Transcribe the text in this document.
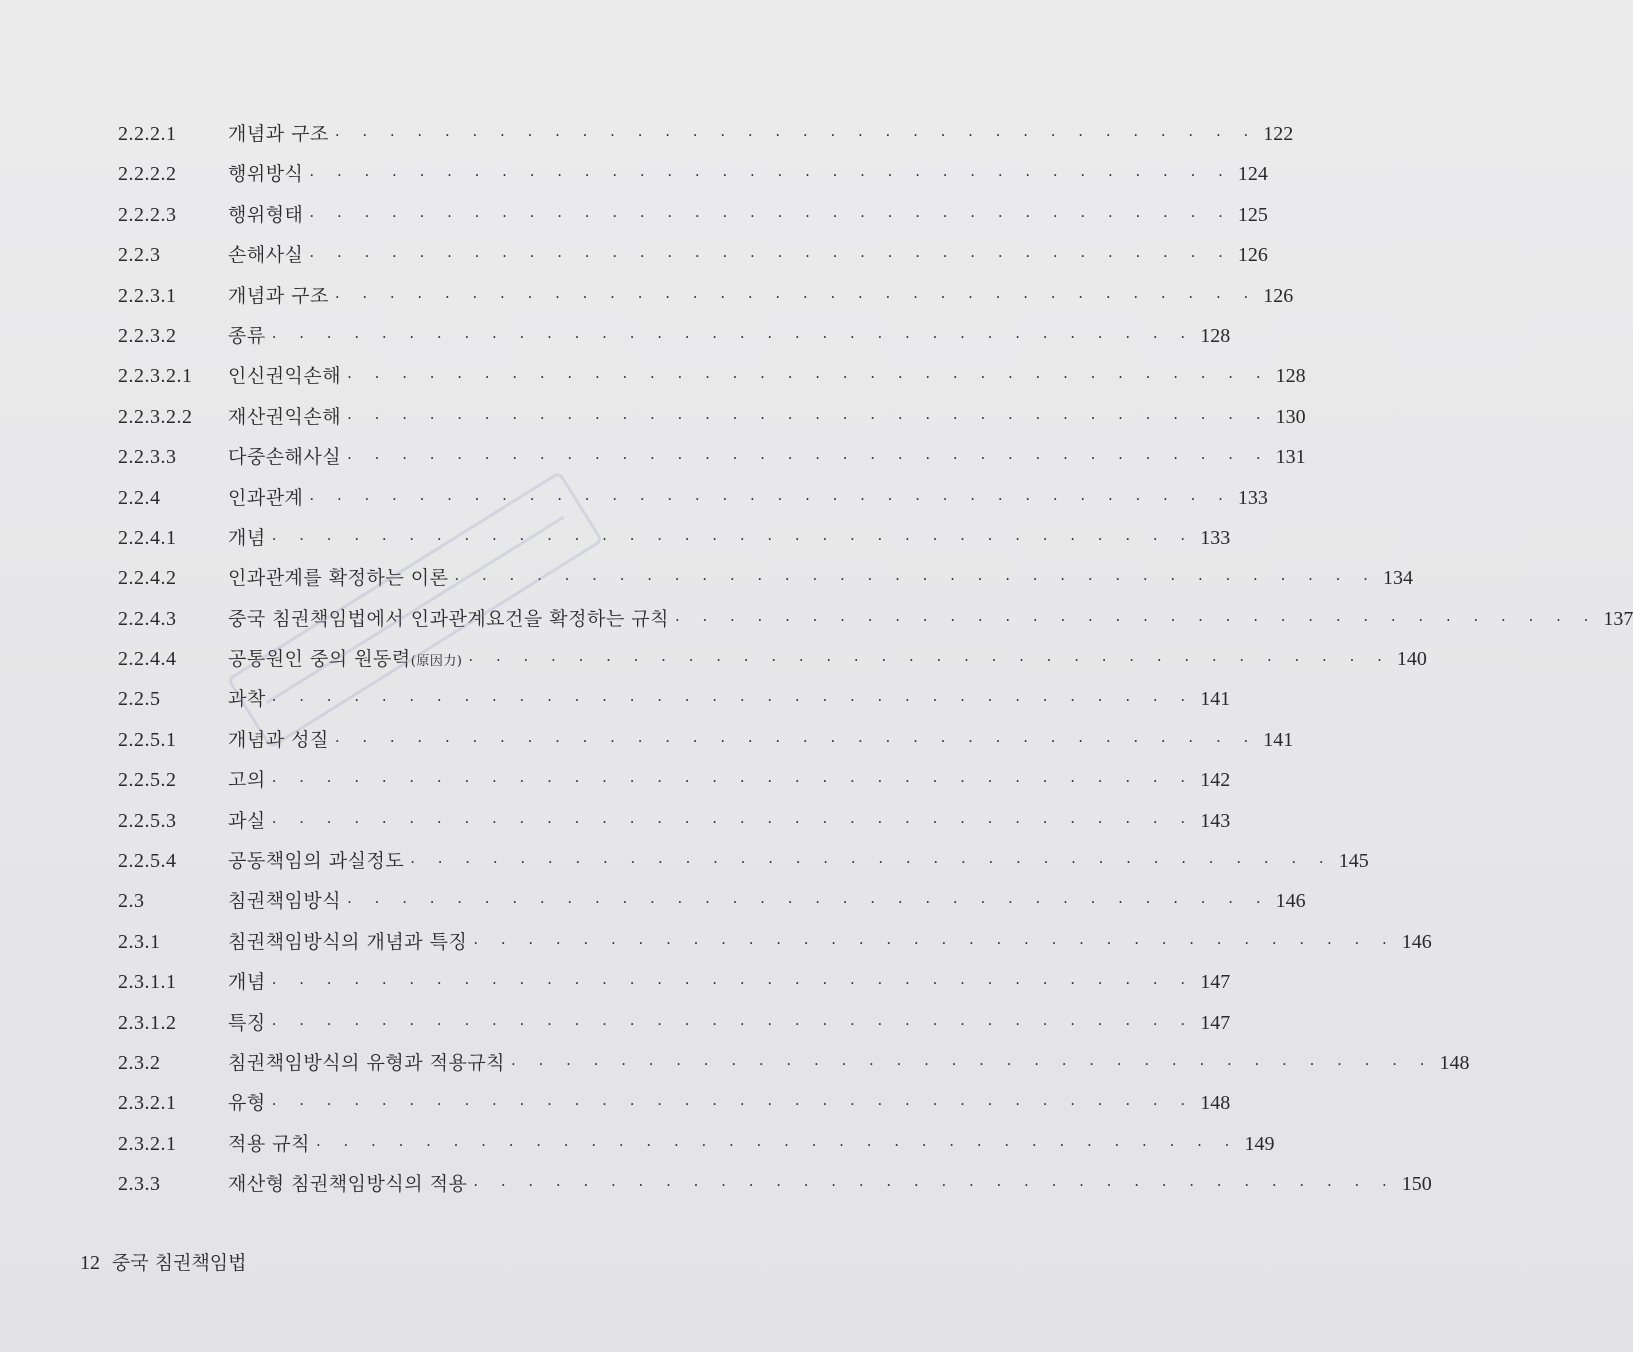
2.2.2.1	개념과 구조 · · · · · · · · · · · · · · · · · · · · · · · · · · · · · · · · · · 122
2.2.2.2	행위방식 · · · · · · · · · · · · · · · · · · · · · · · · · · · · · · · · · · 124
2.2.2.3	행위형태 · · · · · · · · · · · · · · · · · · · · · · · · · · · · · · · · · · 125
2.2.3	손해사실 · · · · · · · · · · · · · · · · · · · · · · · · · · · · · · · · · · 126
2.2.3.1	개념과 구조 · · · · · · · · · · · · · · · · · · · · · · · · · · · · · · · · · · 126
2.2.3.2	종류 · · · · · · · · · · · · · · · · · · · · · · · · · · · · · · · · · · 128
2.2.3.2.1	인신권익손해 · · · · · · · · · · · · · · · · · · · · · · · · · · · · · · · · · · 128
2.2.3.2.2	재산권익손해 · · · · · · · · · · · · · · · · · · · · · · · · · · · · · · · · · · 130
2.2.3.3	다중손해사실 · · · · · · · · · · · · · · · · · · · · · · · · · · · · · · · · · · 131
2.2.4	인과관계 · · · · · · · · · · · · · · · · · · · · · · · · · · · · · · · · · · 133
2.2.4.1	개념 · · · · · · · · · · · · · · · · · · · · · · · · · · · · · · · · · · 133
2.2.4.2	인과관계를 확정하는 이론 · · · · · · · · · · · · · · · · · · · · · · · · · · · · · · · · · · 134
2.2.4.3	중국 침권책임법에서 인과관계요건을 확정하는 규칙 · · · · · · · · · · · · · · · · · · · · · · · · · · · · · · · · · · 137
2.2.4.4	공통원인 중의 원동력(原因力) · · · · · · · · · · · · · · · · · · · · · · · · · · · · · · · · · · 140
2.2.5	과착 · · · · · · · · · · · · · · · · · · · · · · · · · · · · · · · · · · 141
2.2.5.1	개념과 성질 · · · · · · · · · · · · · · · · · · · · · · · · · · · · · · · · · · 141
2.2.5.2	고의 · · · · · · · · · · · · · · · · · · · · · · · · · · · · · · · · · · 142
2.2.5.3	과실 · · · · · · · · · · · · · · · · · · · · · · · · · · · · · · · · · · 143
2.2.5.4	공동책임의 과실정도 · · · · · · · · · · · · · · · · · · · · · · · · · · · · · · · · · · 145
2.3	침권책임방식 · · · · · · · · · · · · · · · · · · · · · · · · · · · · · · · · · · 146
2.3.1	침권책임방식의 개념과 특징 · · · · · · · · · · · · · · · · · · · · · · · · · · · · · · · · · · 146
2.3.1.1	개념 · · · · · · · · · · · · · · · · · · · · · · · · · · · · · · · · · · 147
2.3.1.2	특징 · · · · · · · · · · · · · · · · · · · · · · · · · · · · · · · · · · 147
2.3.2	침권책임방식의 유형과 적용규칙 · · · · · · · · · · · · · · · · · · · · · · · · · · · · · · · · · · 148
2.3.2.1	유형 · · · · · · · · · · · · · · · · · · · · · · · · · · · · · · · · · · 148
2.3.2.1	적용 규칙 · · · · · · · · · · · · · · · · · · · · · · · · · · · · · · · · · · 149
2.3.3	재산형 침권책임방식의 적용 · · · · · · · · · · · · · · · · · · · · · · · · · · · · · · · · · · 150
12 중국 침권책임법
